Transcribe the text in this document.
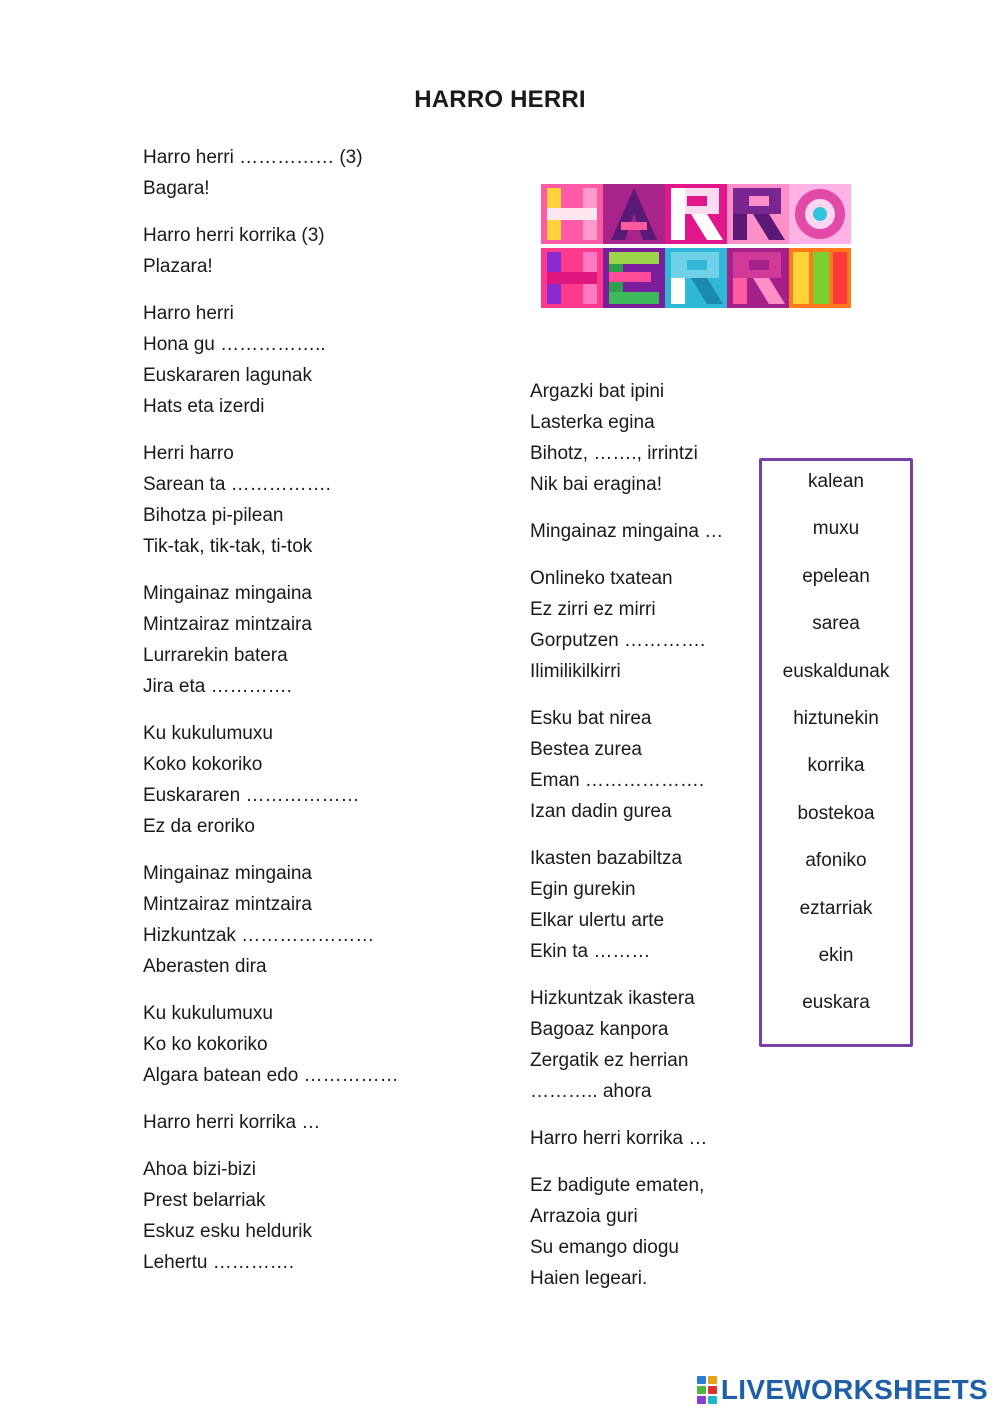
HARRO HERRI
Harro herri …………… (3)
Bagara!
Harro herri korrika (3)
Plazara!
Harro herri
Hona gu ……………..
Euskararen lagunak
Hats eta izerdi
Herri harro
Sarean ta …………….
Bihotza pi-pilean
Tik-tak, tik-tak, ti-tok
Mingainaz mingaina
Mintzairaz mintzaira
Lurrarekin batera
Jira eta ………….
Ku kukulumuxu
Koko kokoriko
Euskararen ………………
Ez da eroriko
Mingainaz mingaina
Mintzairaz mintzaira
Hizkuntzak …………………
Aberasten dira
Ku kukulumuxu
Ko ko kokoriko
Algara batean edo ……………
Harro herri korrika …
Ahoa bizi-bizi
Prest belarriak
Eskuz esku heldurik
Lehertu ………….
Argazki bat ipini
Lasterka egina
Bihotz, ……., irrintzi
Nik bai eragina!
Mingainaz mingaina …
Onlineko txatean
Ez zirri ez mirri
Gorputzen ………….
Ilimilikilkirri
Esku bat nirea
Bestea zurea
Eman ……………….
Izan dadin gurea
Ikasten bazabiltza
Egin gurekin
Elkar ulertu arte
Ekin ta ………
Hizkuntzak ikastera
Bagoaz kanpora
Zergatik ez herrian
……….. ahora
Harro herri korrika …
Ez badigute ematen,
Arrazoia guri
Su emango diogu
Haien legeari.
kalean
muxu
epelean
sarea
euskaldunak
hiztunekin
korrika
bostekoa
afoniko
eztarriak
ekin
euskara
LIVEWORKSHEETS
